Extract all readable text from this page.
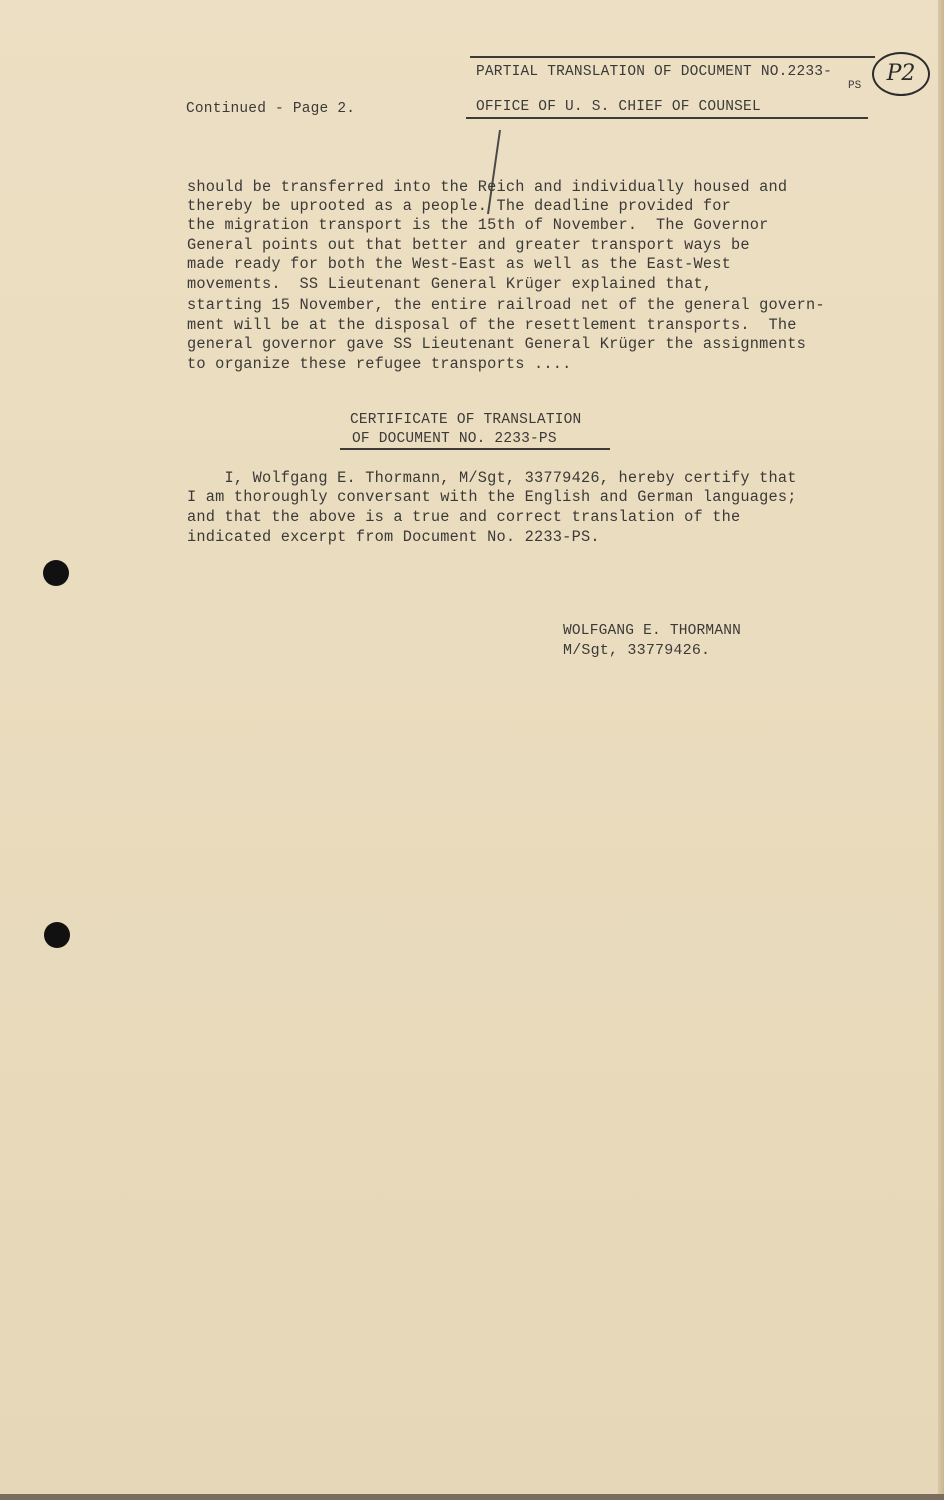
PARTIAL TRANSLATION OF DOCUMENT NO.2233-
PS
Continued - Page 2.	OFFICE OF U. S. CHIEF OF COUNSEL
P2
should be transferred into the Reich and individually housed and
thereby be uprooted as a people. The deadline provided for
the migration transport is the 15th of November.  The Governor
General points out that better and greater transport ways be
made ready for both the West-East as well as the East-West
movements.  SS Lieutenant General Krüger explained that,
starting 15 November, the entire railroad net of the general govern-
ment will be at the disposal of the resettlement transports.  The
general governor gave SS Lieutenant General Krüger the assignments
to organize these refugee transports ....
CERTIFICATE OF TRANSLATION
OF DOCUMENT NO. 2233-PS
I, Wolfgang E. Thormann, M/Sgt, 33779426, hereby certify that
I am thoroughly conversant with the English and German languages;
and that the above is a true and correct translation of the
indicated excerpt from Document No. 2233-PS.
WOLFGANG E. THORMANN
M/Sgt, 33779426.
